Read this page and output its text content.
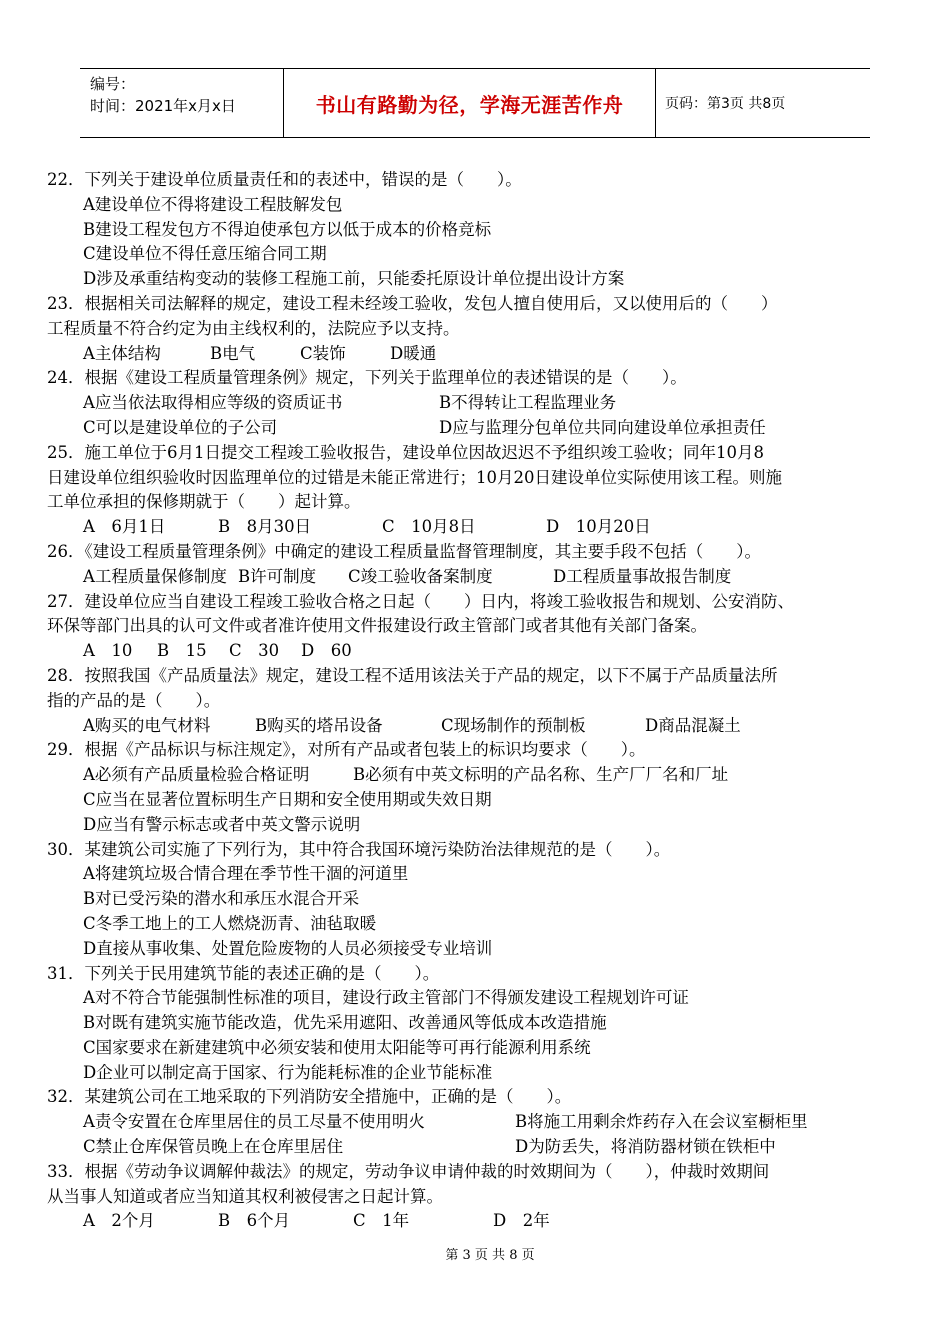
编号：
时间：2021年x月x日	书山有路勤为径，学海无涯苦作舟	页码：第3页 共8页
22．下列关于建设单位质量责任和的表述中，错误的是（　　）。
A建设单位不得将建设工程肢解发包
B建设工程发包方不得迫使承包方以低于成本的价格竞标
C建设单位不得任意压缩合同工期
D涉及承重结构变动的装修工程施工前，只能委托原设计单位提出设计方案
23．根据相关司法解释的规定，建设工程未经竣工验收，发包人擅自使用后，又以使用后的（　　）
工程质量不符合约定为由主线权利的，法院应予以支持。
A主体结构	B电气	C装饰	D暖通
24．根据《建设工程质量管理条例》规定，下列关于监理单位的表述错误的是（　　）。
A应当依法取得相应等级的资质证书	B不得转让工程监理业务
C可以是建设单位的子公司	D应与监理分包单位共同向建设单位承担责任
25．施工单位于6月1日提交工程竣工验收报告，建设单位因故迟迟不予组织竣工验收；同年10月8
日建设单位组织验收时因监理单位的过错是未能正常进行；10月20日建设单位实际使用该工程。则施
工单位承担的保修期就于（　　）起计算。
A　6月1日	B　8月30日	C　10月8日	D　10月20日
26．《建设工程质量管理条例》中确定的建设工程质量监督管理制度，其主要手段不包括（　　）。
A工程质量保修制度 B许可制度	C竣工验收备案制度	D工程质量事故报告制度
27．建设单位应当自建设工程竣工验收合格之日起（　　）日内，将竣工验收报告和规划、公安消防、
环保等部门出具的认可文件或者准许使用文件报建设行政主管部门或者其他有关部门备案。
A　10	B　15	C　30	D　60
28．按照我国《产品质量法》规定，建设工程不适用该法关于产品的规定，以下不属于产品质量法所
指的产品的是（　　）。
A购买的电气材料	B购买的塔吊设备	C现场制作的预制板	D商品混凝土
29．根据《产品标识与标注规定》，对所有产品或者包装上的标识均要求（　　）。
A必须有产品质量检验合格证明	B必须有中英文标明的产品名称、生产厂厂名和厂址
C应当在显著位置标明生产日期和安全使用期或失效日期
D应当有警示标志或者中英文警示说明
30．某建筑公司实施了下列行为，其中符合我国环境污染防治法律规范的是（　　）。
A将建筑垃圾合情合理在季节性干涸的河道里
B对已受污染的潜水和承压水混合开采
C冬季工地上的工人燃烧沥青、油毡取暖
D直接从事收集、处置危险废物的人员必须接受专业培训
31．下列关于民用建筑节能的表述正确的是（　　）。
A对不符合节能强制性标准的项目，建设行政主管部门不得颁发建设工程规划许可证
B对既有建筑实施节能改造，优先采用遮阳、改善通风等低成本改造措施
C国家要求在新建建筑中必须安装和使用太阳能等可再行能源利用系统
D企业可以制定高于国家、行为能耗标准的企业节能标准
32．某建筑公司在工地采取的下列消防安全措施中，正确的是（　　）。
A责令安置在仓库里居住的员工尽量不使用明火	B将施工用剩余炸药存入在会议室橱柜里
C禁止仓库保管员晚上在仓库里居住	D为防丢失，将消防器材锁在铁柜中
33．根据《劳动争议调解仲裁法》的规定，劳动争议申请仲裁的时效期间为（　　），仲裁时效期间
从当事人知道或者应当知道其权利被侵害之日起计算。
A　2个月	B　6个月	C　1年	D　2年
第 3 页 共 8 页
